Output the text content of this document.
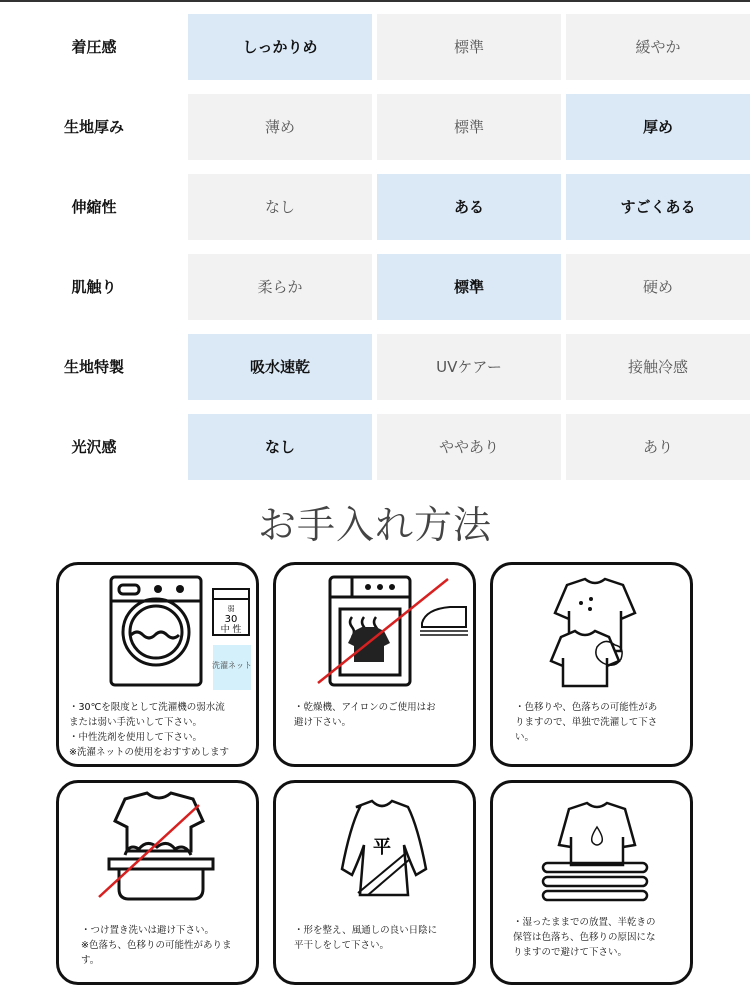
着圧感	しっかりめ	標準	緩やか
生地厚み	薄め	標準	厚め
伸縮性	なし	ある	すごくある
肌触り	柔らか	標準	硬め
生地特製	吸水速乾	UVケアー	接触冷感
光沢感	なし	ややあり	あり
お手入れ方法
弱
30
中 性
洗濯ネット
・30℃を限度として洗濯機の弱水流
または弱い手洗いして下さい。
・中性洗剤を使用して下さい。
※洗濯ネットの使用をおすすめします
・乾燥機、アイロンのご使用はお
避け下さい。
・色移りや、色落ちの可能性があ
りますので、単独で洗濯して下さ
い。
・つけ置き洗いは避け下さい。
※色落ち、色移りの可能性がありま
す。
平
・形を整え、風通しの良い日陰に
平干しをして下さい。
・湿ったままでの放置、半乾きの
保管は色落ち、色移りの原因にな
りますので避けて下さい。
